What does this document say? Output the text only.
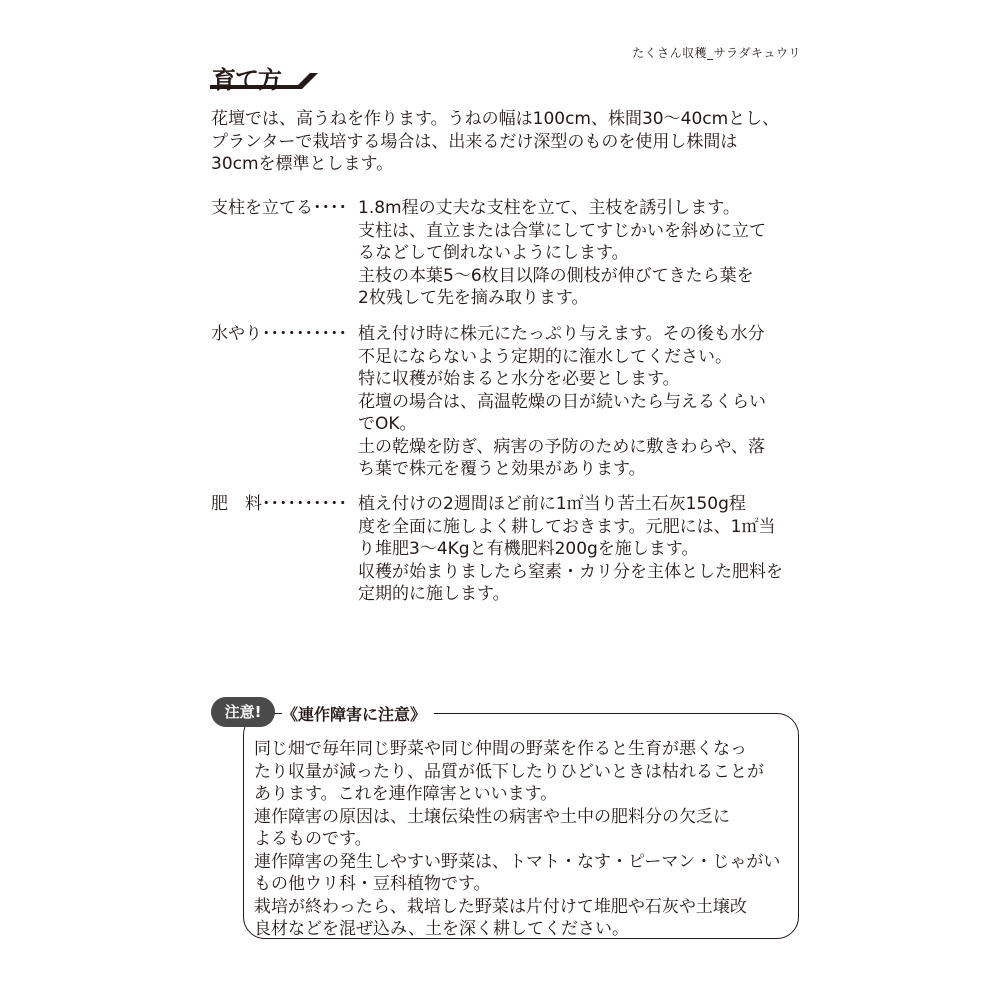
たくさん収穫_サラダキュウリ
育て方

花壇では、高うねを作ります。うねの幅は100cm、株間30〜40cmとし、

プランターで栽培する場合は、出来るだけ深型のものを使用し株間は

30cmを標準とします。

支柱を立てる････ 1.8m程の丈夫な支柱を立て、主枝を誘引します。

支柱は、直立または合掌にしてすじかいを斜めに立て

るなどして倒れないようにします。

主枝の本葉5〜6枚目以降の側枝が伸びてきたら葉を

2枚残して先を摘み取ります。

水やり･･････････ 植え付け時に株元にたっぷり与えます。その後も水分

不足にならないよう定期的に潅水してください。

特に収穫が始まると水分を必要とします。

花壇の場合は、高温乾燥の日が続いたら与えるくらい

でOK。

土の乾燥を防ぎ、病害の予防のために敷きわらや、落

ち葉で株元を覆うと効果があります。

肥　料･･････････ 植え付けの2週間ほど前に1㎡当り苦土石灰150g程

度を全面に施しよく耕しておきます。元肥には、1㎡当

り堆肥3〜4Kgと有機肥料200gを施します。

収穫が始まりましたら窒素・カリ分を主体とした肥料を

定期的に施します。

注意!	《連作障害に注意》

同じ畑で毎年同じ野菜や同じ仲間の野菜を作ると生育が悪くなっ

たり収量が減ったり、品質が低下したりひどいときは枯れることが

あります。これを連作障害といいます。

連作障害の原因は、土壌伝染性の病害や土中の肥料分の欠乏に

よるものです。

連作障害の発生しやすい野菜は、トマト・なす・ピーマン・じゃがい

もの他ウリ科・豆科植物です。

栽培が終わったら、栽培した野菜は片付けて堆肥や石灰や土壌改

良材などを混ぜ込み、土を深く耕してください。
